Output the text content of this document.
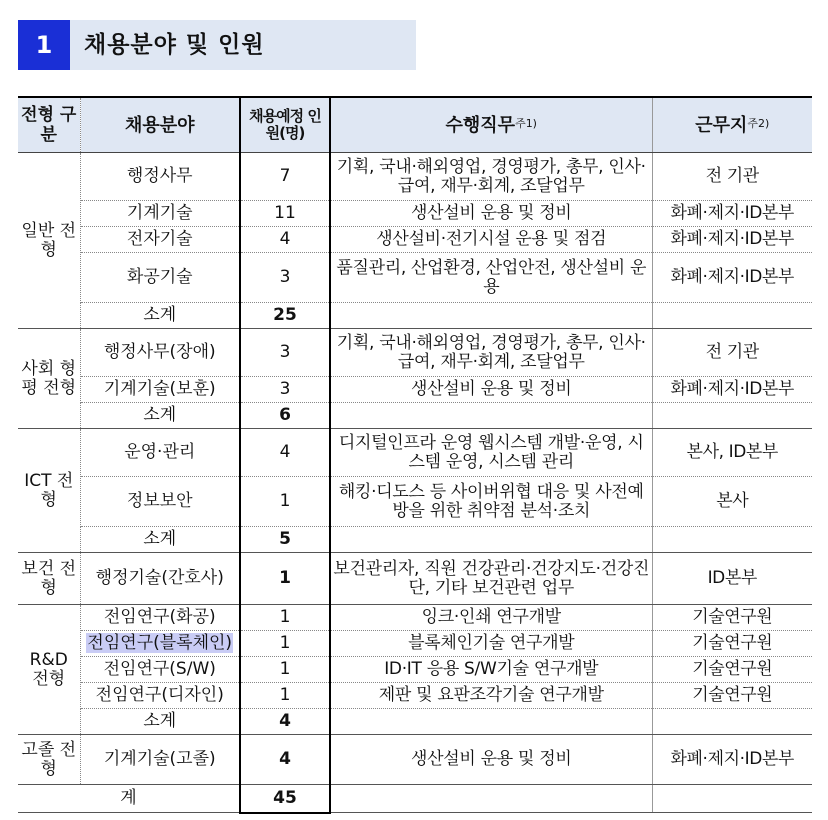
1	채용분야 및 인원
전형 구분	채용분야	채용예정 인원(명)	수행직무$^{주1)}$	근무지$^{주2)}$
일반 전형	행정사무	7	기획, 국내·해외영업, 경영평가, 총무, 인사·급여, 재무·회계, 조달업무	전 기관
	기계기술	11	생산설비 운용 및 정비	화폐·제지·ID본부
	전자기술	4	생산설비·전기시설 운용 및 점검	화폐·제지·ID본부
	화공기술	3	품질관리, 산업환경, 산업안전, 생산설비 운용	화폐·제지·ID본부
	소계	25		
사회 형평 전형	행정사무(장애)	3	기획, 국내·해외영업, 경영평가, 총무, 인사·급여, 재무·회계, 조달업무	전 기관
	기계기술(보훈)	3	생산설비 운용 및 정비	화폐·제지·ID본부
	소계	6		
ICT 전형	운영·관리	4	디지털인프라 운영 웹시스템 개발·운영, 시스템 운영, 시스템 관리	본사, ID본부
	정보보안	1	해킹·디도스 등 사이버위협 대응 및 사전예방을 위한 취약점 분석·조치	본사
	소계	5		
보건 전형	행정기술(간호사)	1	보건관리자, 직원 건강관리·건강지도·건강진단, 기타 보건관련 업무	ID본부
R&D 전형	전임연구(화공)	1	잉크·인쇄 연구개발	기술연구원
	전임연구(블록체인)	1	블록체인기술 연구개발	기술연구원
	전임연구(S/W)	1	ID·IT 응용 S/W기술 연구개발	기술연구원
	전임연구(디자인)	1	제판 및 요판조각기술 연구개발	기술연구원
	소계	4		
고졸 전형	기계기술(고졸)	4	생산설비 운용 및 정비	화폐·제지·ID본부
계		45		
